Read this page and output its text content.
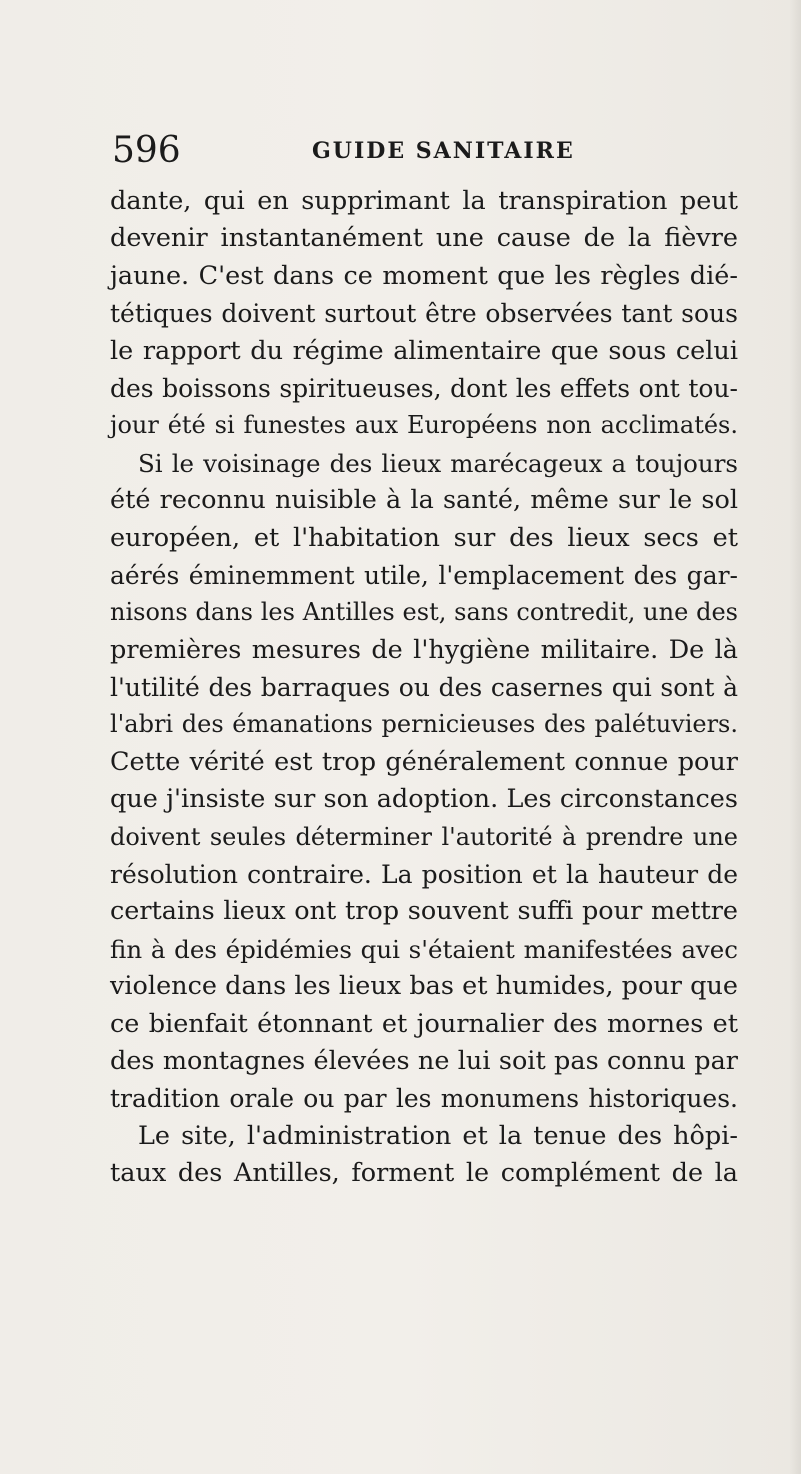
596	GUIDE SANITAIRE
dante, qui en supprimant la transpiration peut
devenir instantanément une cause de la fièvre
jaune. C'est dans ce moment que les règles dié-
tétiques doivent surtout être observées tant sous
le rapport du régime alimentaire que sous celui
des boissons spiritueuses, dont les effets ont tou-
jour été si funestes aux Européens non acclimatés.
Si le voisinage des lieux marécageux a toujours
été reconnu nuisible à la santé, même sur le sol
européen, et l'habitation sur des lieux secs et
aérés éminemment utile, l'emplacement des gar-
nisons dans les Antilles est, sans contredit, une des
premières mesures de l'hygiène militaire. De là
l'utilité des barraques ou des casernes qui sont à
l'abri des émanations pernicieuses des palétuviers.
Cette vérité est trop généralement connue pour
que j'insiste sur son adoption. Les circonstances
doivent seules déterminer l'autorité à prendre une
résolution contraire. La position et la hauteur de
certains lieux ont trop souvent suffi pour mettre
fin à des épidémies qui s'étaient manifestées avec
violence dans les lieux bas et humides, pour que
ce bienfait étonnant et journalier des mornes et
des montagnes élevées ne lui soit pas connu par
tradition orale ou par les monumens historiques.
Le site, l'administration et la tenue des hôpi-
taux des Antilles, forment le complément de la
